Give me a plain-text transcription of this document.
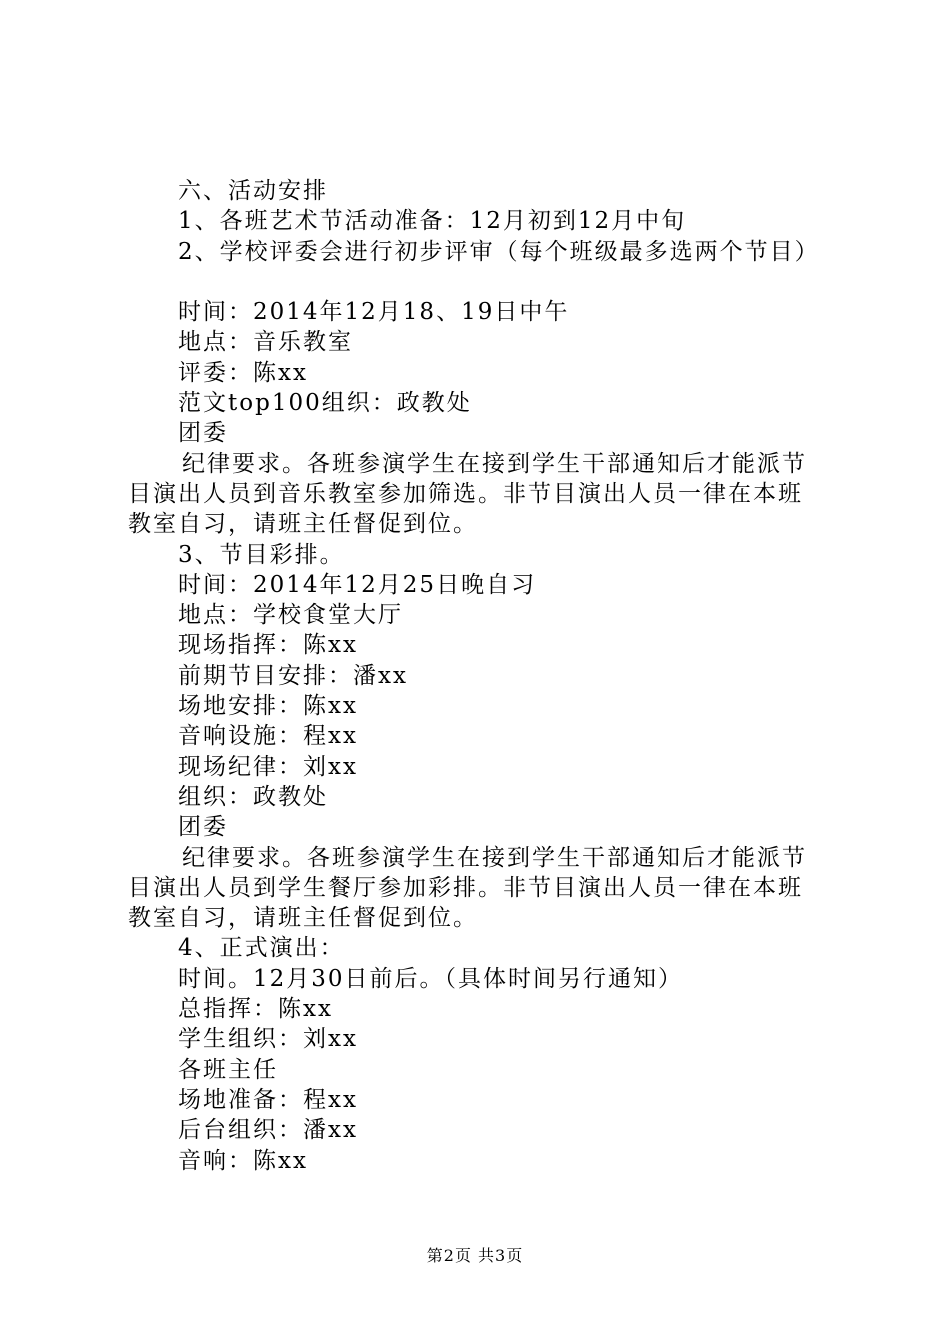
六、活动安排
1、各班艺术节活动准备：12月初到12月中旬
2、学校评委会进行初步评审（每个班级最多选两个节目）
时间：2014年12月18、19日中午
地点：音乐教室
评委：陈xx
范文top100组织：政教处
团委
纪律要求。各班参演学生在接到学生干部通知后才能派节
目演出人员到音乐教室参加筛选。非节目演出人员一律在本班
教室自习，请班主任督促到位。
3、节目彩排。
时间：2014年12月25日晚自习
地点：学校食堂大厅
现场指挥：陈xx
前期节目安排：潘xx
场地安排：陈xx
音响设施：程xx
现场纪律：刘xx
组织：政教处
团委
纪律要求。各班参演学生在接到学生干部通知后才能派节
目演出人员到学生餐厅参加彩排。非节目演出人员一律在本班
教室自习，请班主任督促到位。
4、正式演出：
时间。12月30日前后。（具体时间另行通知）
总指挥：陈xx
学生组织：刘xx
各班主任
场地准备：程xx
后台组织：潘xx
音响：陈xx
第2页 共3页
